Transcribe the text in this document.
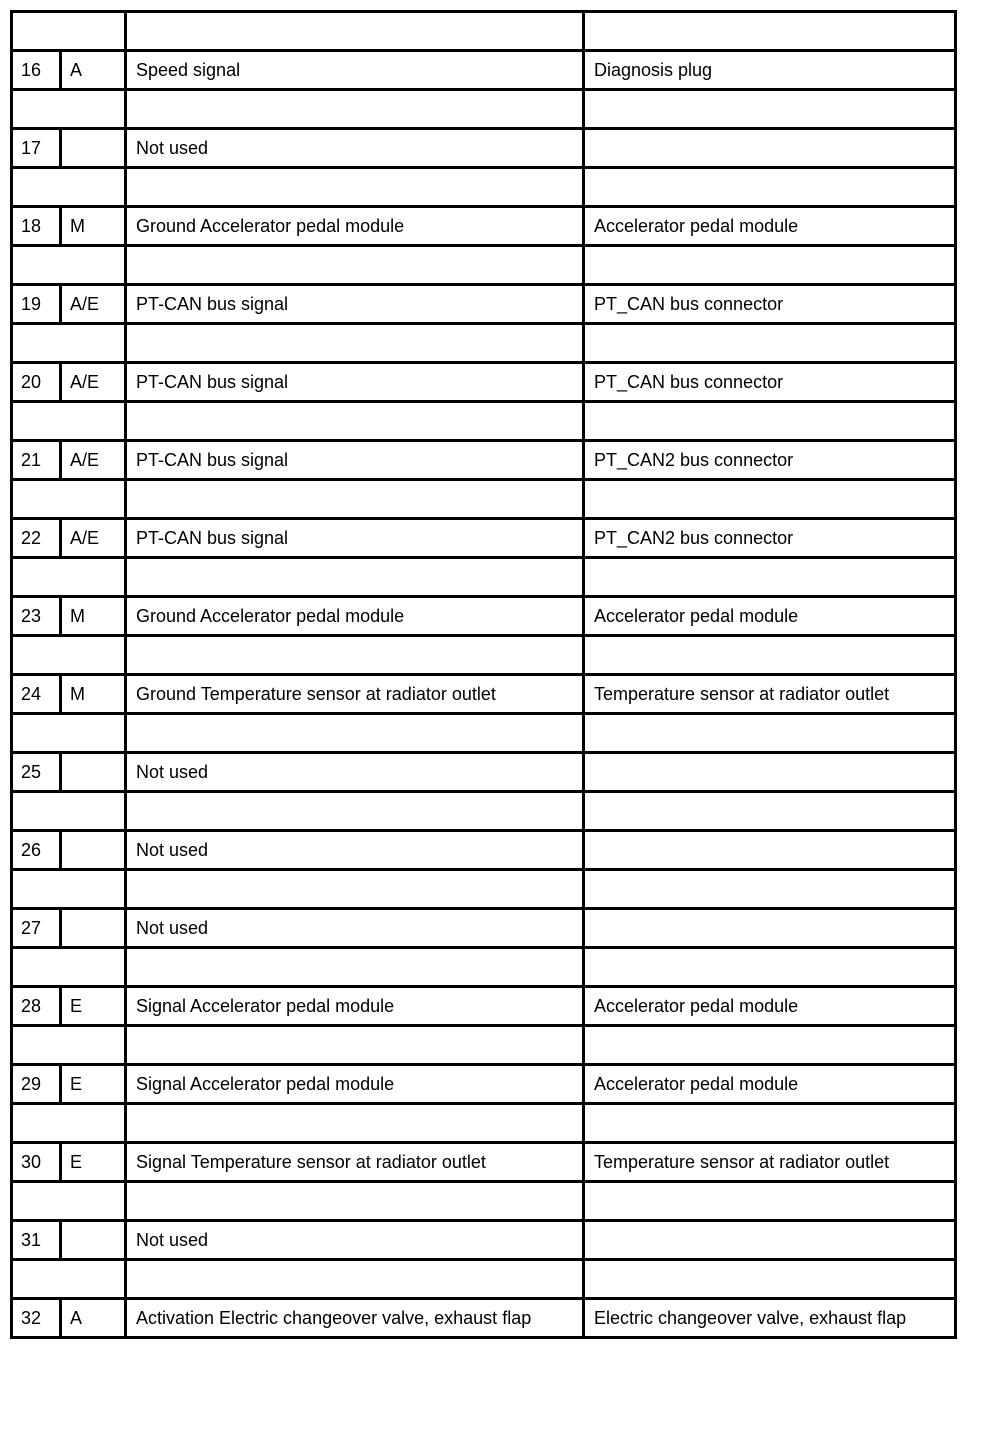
16	A	Speed signal	Diagnosis plug

17		Not used	

18	M	Ground Accelerator pedal module	Accelerator pedal module

19	A/E	PT-CAN bus signal	PT_CAN bus connector

20	A/E	PT-CAN bus signal	PT_CAN bus connector

21	A/E	PT-CAN bus signal	PT_CAN2 bus connector

22	A/E	PT-CAN bus signal	PT_CAN2 bus connector

23	M	Ground Accelerator pedal module	Accelerator pedal module

24	M	Ground Temperature sensor at radiator outlet	Temperature sensor at radiator outlet

25		Not used	

26		Not used	

27		Not used	

28	E	Signal Accelerator pedal module	Accelerator pedal module

29	E	Signal Accelerator pedal module	Accelerator pedal module

30	E	Signal Temperature sensor at radiator outlet	Temperature sensor at radiator outlet

31		Not used	

32	A	Activation Electric changeover valve, exhaust flap	Electric changeover valve, exhaust flap
